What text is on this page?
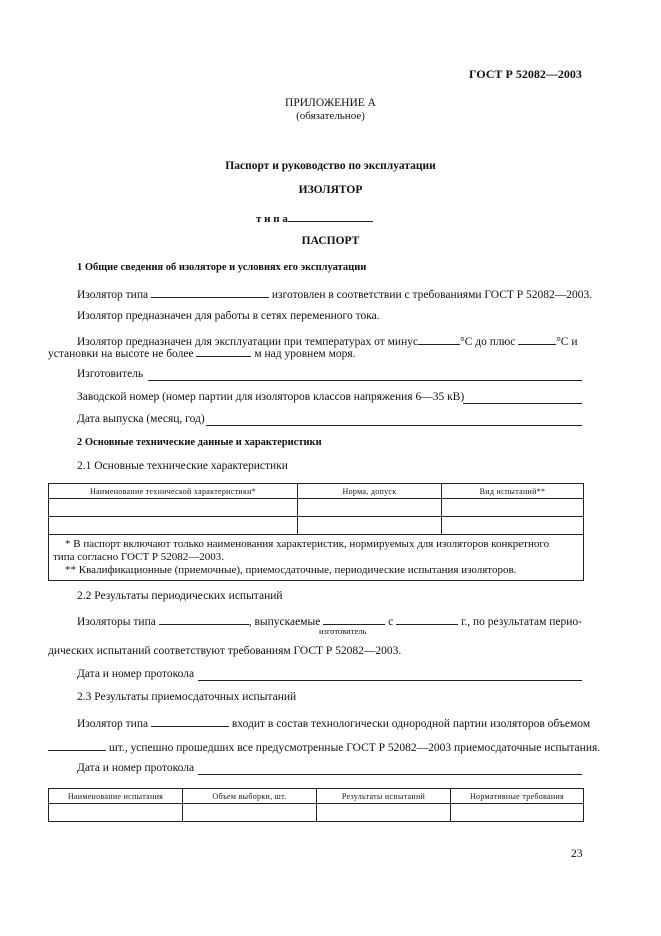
ГОСТ Р 52082—2003
ПРИЛОЖЕНИЕ А
(обязательное)
Паспорт и руководство по эксплуатации
ИЗОЛЯТОР
т и п а
ПАСПОРТ
1 Общие сведения об изоляторе и условиях его эксплуатации
Изолятор типа	изготовлен в соответствии с требованиями ГОСТ Р 52082—2003.
Изолятор предназначен для работы в сетях переменного тока.
Изолятор предназначен для эксплуатации при температурах от минус	°С до плюс	°С и
установки на высоте не более	м над уровнем моря.
Изготовитель
Заводской номер (номер партии для изоляторов классов напряжения 6—35 кВ)
Дата выпуска (месяц, год)
2 Основные технические данные и характеристики
2.1 Основные технические характеристики
Наименование технической характеристики*	Норма, допуск	Вид испытаний**

* В паспорт включают только наименования характеристик, нормируемых для изоляторов конкретного
типа согласно ГОСТ Р 52082—2003.
** Квалификационные (приемочные), приемосдаточные, периодические испытания изоляторов.		
2.2 Результаты периодических испытаний
Изоляторы типа	, выпускаемые	с	г., по результатам перио-
изготовитель
дических испытаний соответствуют требованиям ГОСТ Р 52082—2003.
Дата и номер протокола
2.3 Результаты приемосдаточных испытаний
Изолятор типа	входит в состав технологически однородной партии изоляторов объемом
шт., успешно прошедших все предусмотренные ГОСТ Р 52082—2003 приемосдаточные испытания.
Дата и номер протокола
Наименование испытания	Объем выборки, шт.	Результаты испытаний	Нормативные требования

23
